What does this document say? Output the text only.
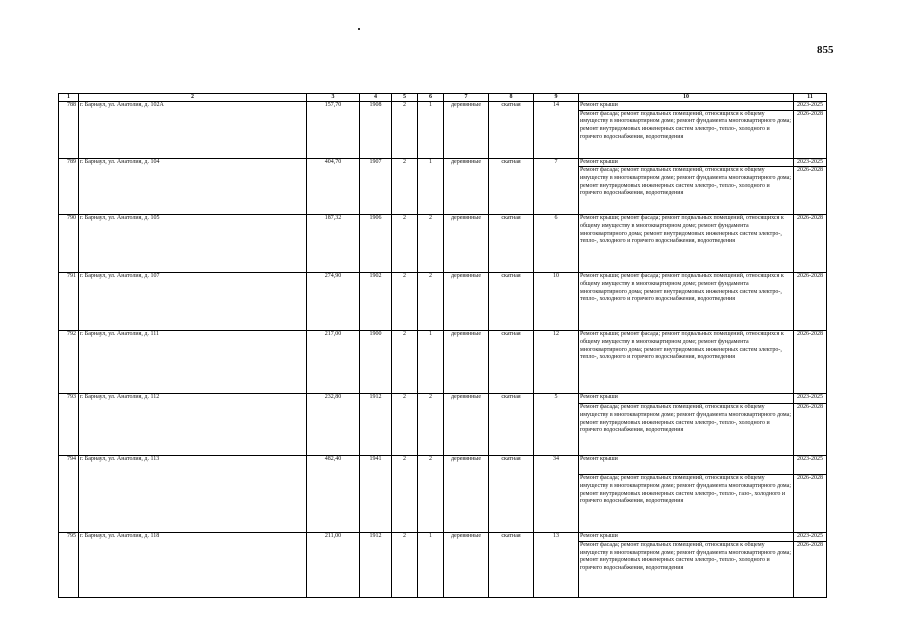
855
1	2	3	4	5	6	7	8	9	10	11
788	г. Барнаул, ул. Анатолия, д. 102А	157,70	1908	2	1	деревянные	скатная	14	Ремонт крыши	2023-2025
									Ремонт фасада; ремонт подвальных помещений, относящихся к общему имуществу в многоквартирном доме; ремонт фундамента многоквартирного дома; ремонт внутридомовых инженерных систем электро-, тепло-, холодного и горячего водоснабжения, водоотведения	2026-2028
789	г. Барнаул, ул. Анатолия, д. 104	404,70	1907	2	1	деревянные	скатная	7	Ремонт крыши	2023-2025
									Ремонт фасада; ремонт подвальных помещений, относящихся к общему имуществу в многоквартирном доме; ремонт фундамента многоквартирного дома; ремонт внутридомовых инженерных систем электро-, тепло-, холодного и горячего водоснабжения, водоотведения	2026-2028
790	г. Барнаул, ул. Анатолия, д. 105	187,32	1906	2	2	деревянные	скатная	6	Ремонт крыши; ремонт фасада; ремонт подвальных помещений, относящихся к общему имуществу в многоквартирном доме; ремонт фундамента многоквартирного дома; ремонт внутридомовых инженерных систем электро-, тепло-, холодного и горячего водоснабжения, водоотведения	2026-2028
791	г. Барнаул, ул. Анатолия, д. 107	274,90	1902	2	2	деревянные	скатная	10	Ремонт крыши; ремонт фасада; ремонт подвальных помещений, относящихся к общему имуществу в многоквартирном доме; ремонт фундамента многоквартирного дома; ремонт внутридомовых инженерных систем электро-, тепло-, холодного и горячего водоснабжения, водоотведения	2026-2028
792	г. Барнаул, ул. Анатолия, д. 111	217,00	1900	2	1	деревянные	скатная	12	Ремонт крыши; ремонт фасада; ремонт подвальных помещений, относящихся к общему имуществу в многоквартирном доме; ремонт фундамента многоквартирного дома; ремонт внутридомовых инженерных систем электро-, тепло-, холодного и горячего водоснабжения, водоотведения	2026-2028
793	г. Барнаул, ул. Анатолия, д. 112	232,80	1912	2	2	деревянные	скатная	5	Ремонт крыши	2023-2025
									Ремонт фасада; ремонт подвальных помещений, относящихся к общему имуществу в многоквартирном доме; ремонт фундамента многоквартирного дома; ремонт внутридомовых инженерных систем электро-, тепло-, холодного и горячего водоснабжения, водоотведения	2026-2028
794	г. Барнаул, ул. Анатолия, д. 113	482,40	1941	2	2	деревянные	скатная	34	Ремонт крыши	2023-2025
									Ремонт фасада; ремонт подвальных помещений, относящихся к общему имуществу в многоквартирном доме; ремонт фундамента многоквартирного дома; ремонт внутридомовых инженерных систем электро-, тепло-, газо-, холодного и горячего водоснабжения, водоотведения	2026-2028
795	г. Барнаул, ул. Анатолия, д. 118	211,00	1912	2	1	деревянные	скатная	13	Ремонт крыши	2023-2025
									Ремонт фасада; ремонт подвальных помещений, относящихся к общему имуществу в многоквартирном доме; ремонт фундамента многоквартирного дома; ремонт внутридомовых инженерных систем электро-, тепло-, холодного и горячего водоснабжения, водоотведения	2026-2028
